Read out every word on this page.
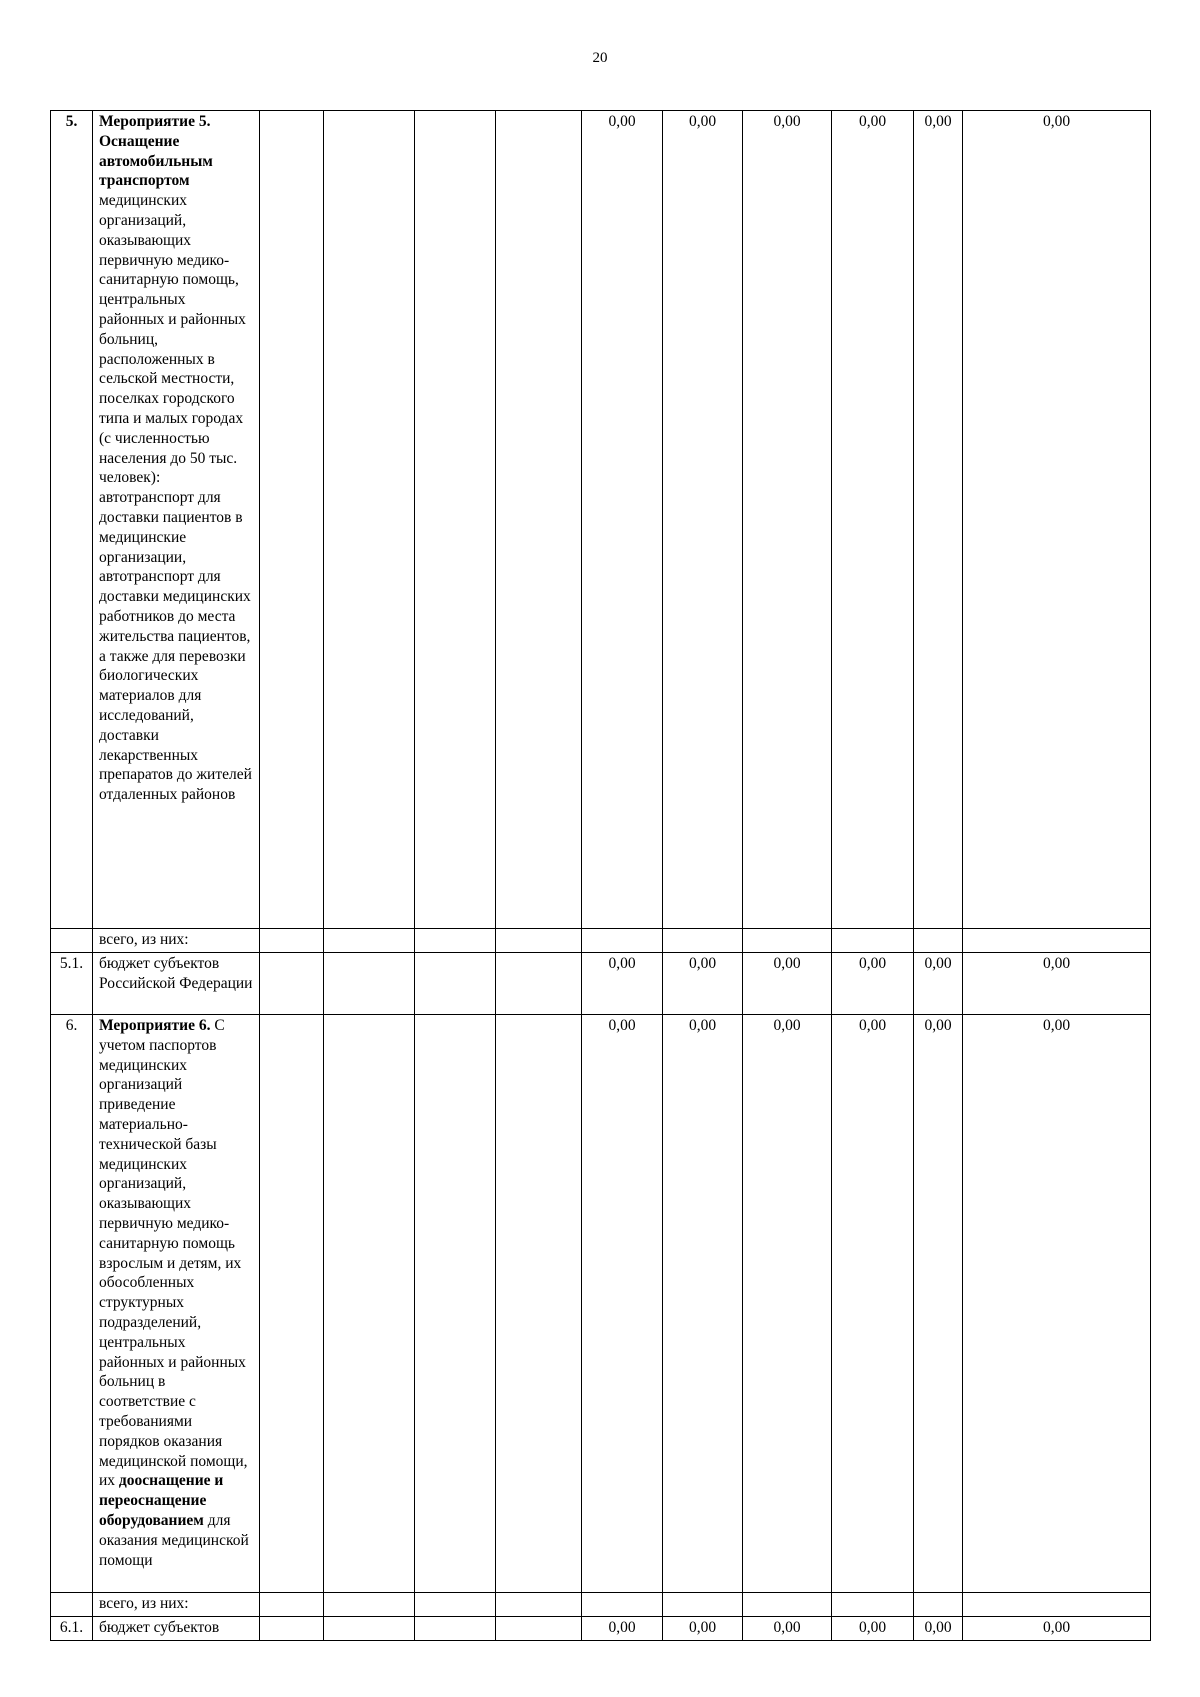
20
5.	Мероприятие 5. Оснащение автомобильным транспортом медицинских организаций, оказывающих первичную медико-санитарную помощь, центральных районных и районных больниц, расположенных в сельской местности, поселках городского типа и малых городах (с численностью населения до 50 тыс. человек): автотранспорт для доставки пациентов в медицинские организации, автотранспорт для доставки медицинских работников до места жительства пациентов, а также для перевозки биологических материалов для исследований, доставки лекарственных препаратов до жителей отдаленных районов					0,00	0,00	0,00	0,00	0,00	0,00
	всего, из них:										
5.1.	бюджет субъектов Российской Федерации					0,00	0,00	0,00	0,00	0,00	0,00
6.	Мероприятие 6. С учетом паспортов медицинских организаций приведение материально-технической базы медицинских организаций, оказывающих первичную медико-санитарную помощь взрослым и детям, их обособленных структурных подразделений, центральных районных и районных больниц в соответствие с требованиями порядков оказания медицинской помощи, их дооснащение и переоснащение оборудованием для оказания медицинской помощи					0,00	0,00	0,00	0,00	0,00	0,00
	всего, из них:										
6.1.	бюджет субъектов					0,00	0,00	0,00	0,00	0,00	0,00
